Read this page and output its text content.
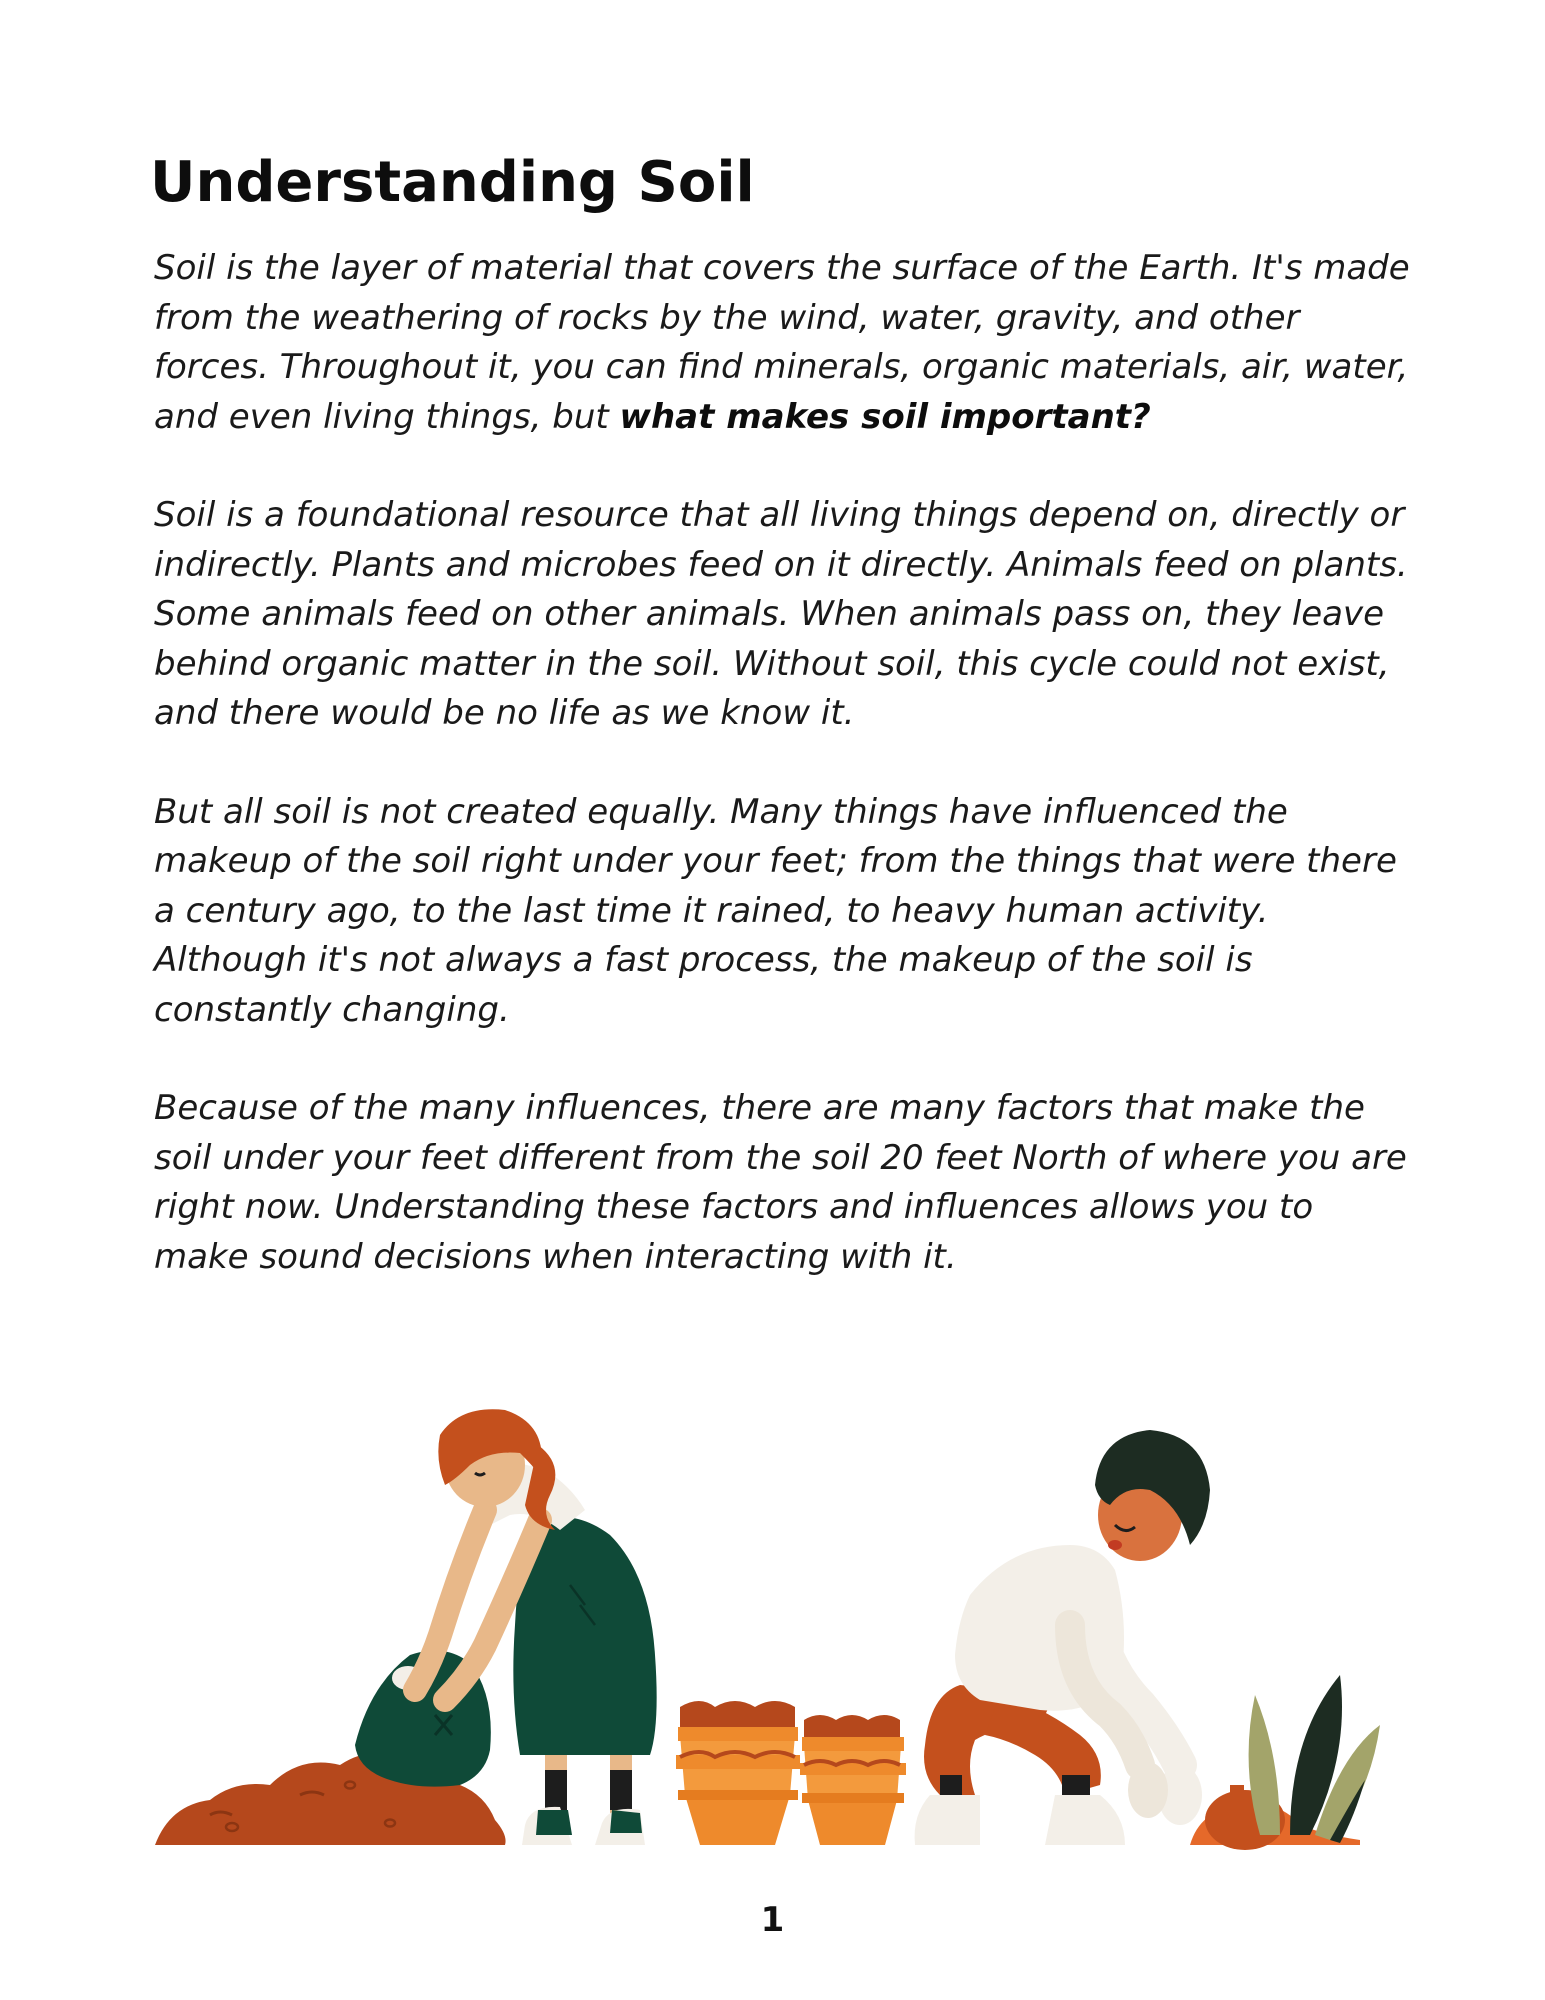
Understanding Soil

Soil is the layer of material that covers the surface of the Earth. It's made from the weathering of rocks by the wind, water, gravity, and other forces. Throughout it, you can find minerals, organic materials, air, water, and even living things, but what makes soil important?

Soil is a foundational resource that all living things depend on, directly or indirectly. Plants and microbes feed on it directly. Animals feed on plants. Some animals feed on other animals. When animals pass on, they leave behind organic matter in the soil. Without soil, this cycle could not exist, and there would be no life as we know it.

But all soil is not created equally. Many things have influenced the makeup of the soil right under your feet; from the things that were there a century ago, to the last time it rained, to heavy human activity. Although it's not always a fast process, the makeup of the soil is constantly changing.

Because of the many influences, there are many factors that make the soil under your feet different from the soil 20 feet North of where you are right now. Understanding these factors and influences allows you to make sound decisions when interacting with it.

1
